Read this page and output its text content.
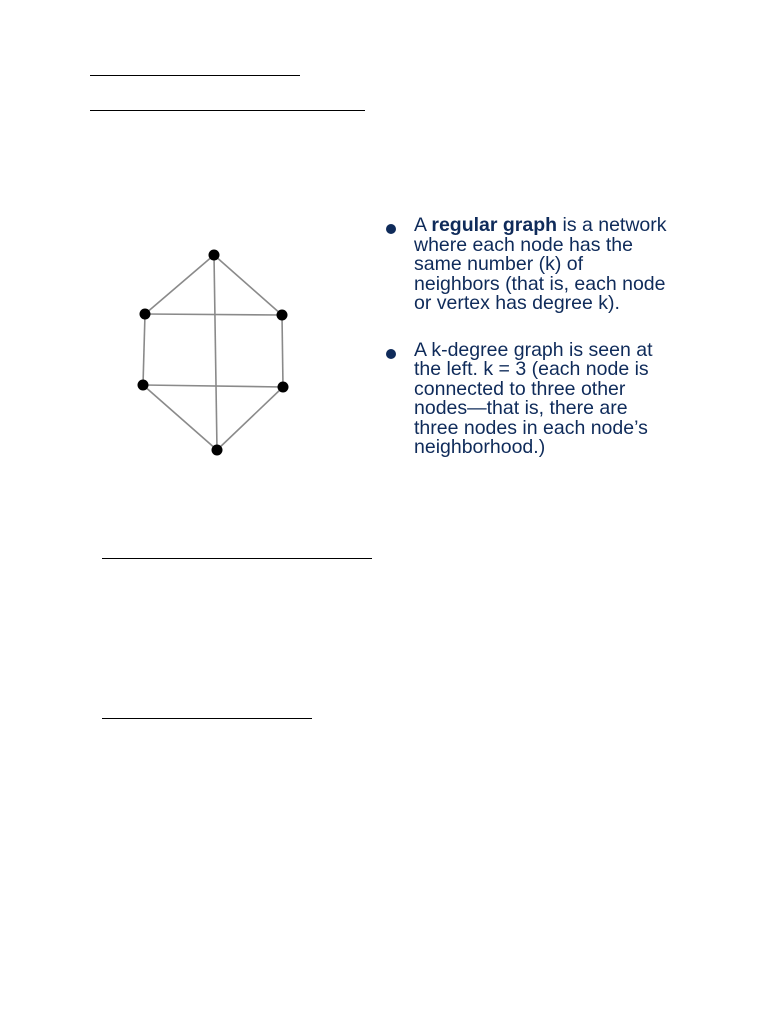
A regular graph is a network where each node has the same number (k) of neighbors (that is, each node or vertex has degree k).
A k-degree graph is seen at the left. k = 3 (each node is connected to three other nodes—that is, there are three nodes in each node’s neighborhood.)
